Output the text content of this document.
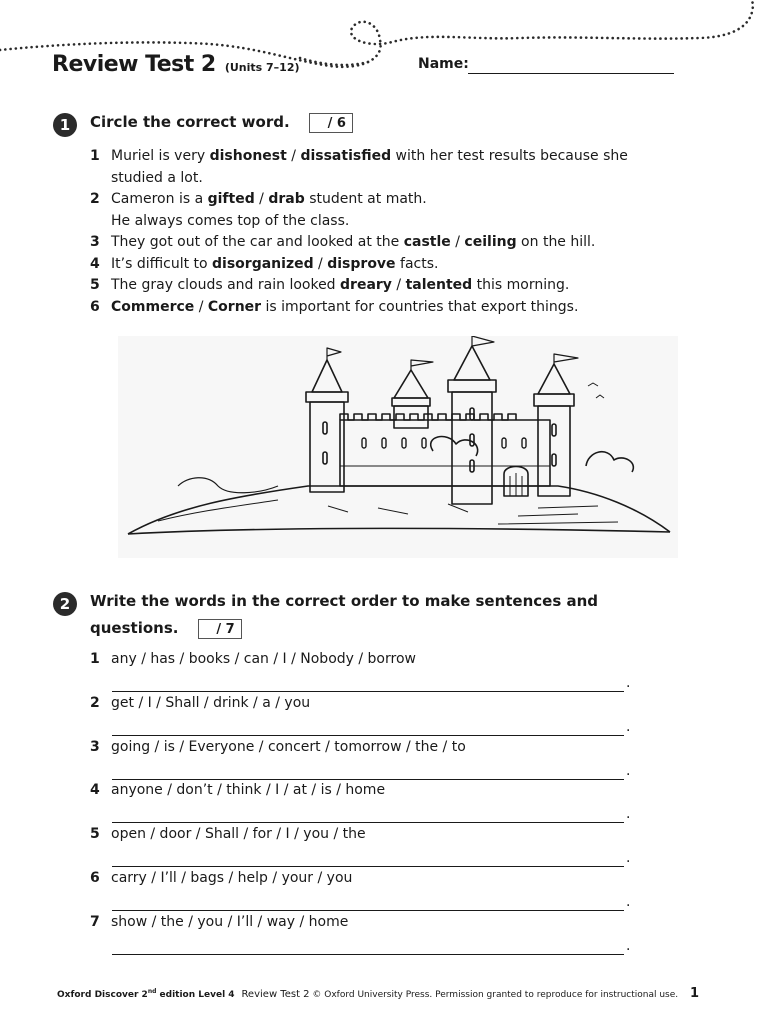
Review Test 2 (Units 7–12)	Name:
1	Circle the correct word.	/ 6
1 Muriel is very dishonest / dissatisfied with her test results because she
studied a lot.
2 Cameron is a gifted / drab student at math.
He always comes top of the class.
3 They got out of the car and looked at the castle / ceiling on the hill.
4 It’s difficult to disorganized / disprove facts.
5 The gray clouds and rain looked dreary / talented this morning.
6 Commerce / Corner is important for countries that export things.
2	Write the words in the correct order to make sentences and
questions.	/ 7
1 any / has / books / can / I / Nobody / borrow
.
2 get / I / Shall / drink / a / you
.
3 going / is / Everyone / concert / tomorrow / the / to
.
4 anyone / don’t / think / I / at / is / home
.
5 open / door / Shall / for / I / you / the
.
6 carry / I’ll / bags / help / your / you
.
7 show / the / you / I’ll / way / home
.
Oxford Discover 2nd edition Level 4 Review Test 2 © Oxford University Press. Permission granted to reproduce for instructional use. 1
